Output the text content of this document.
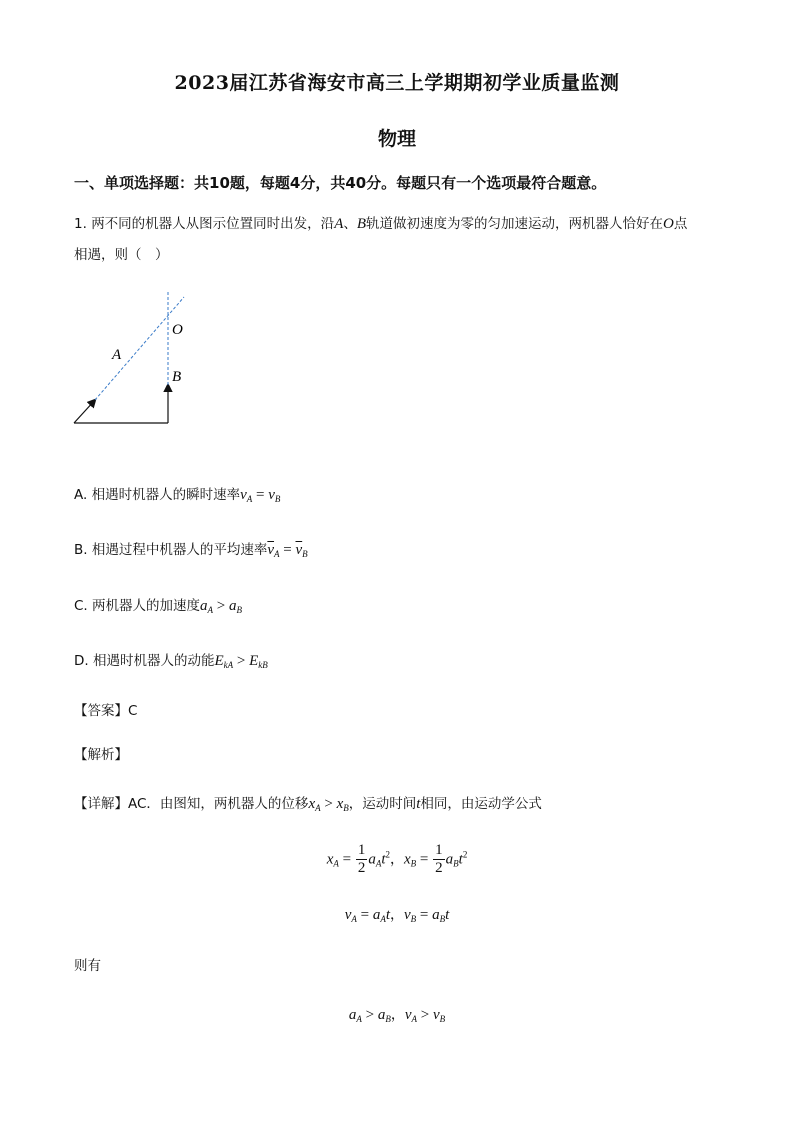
2023届江苏省海安市高三上学期期初学业质量监测
物理
一、单项选择题：共10题，每题4分，共40分。每题只有一个选项最符合题意。
1. 两不同的机器人从图示位置同时出发，沿A、B轨道做初速度为零的匀加速运动，两机器人恰好在O点
相遇，则（　）
O
A
B
A. 相遇时机器人的瞬时速率$v_A = v_B$
B. 相遇过程中机器人的平均速率$\overline{v}_A = \overline{v}_B$
C. 两机器人的加速度$a_A > a_B$
D. 相遇时机器人的动能$E_{kA} > E_{kB}$
【答案】C
【解析】
【详解】AC．由图知，两机器人的位移$x_A > x_B$，运动时间t相同，由运动学公式
$x_A = \frac{1}{2} a_At^2$，$x_B = \frac{1}{2} a_Bt^2$
$v_A = a_At$，$v_B = a_Bt$
则有
$a_A > a_B$，$v_A > v_B$
